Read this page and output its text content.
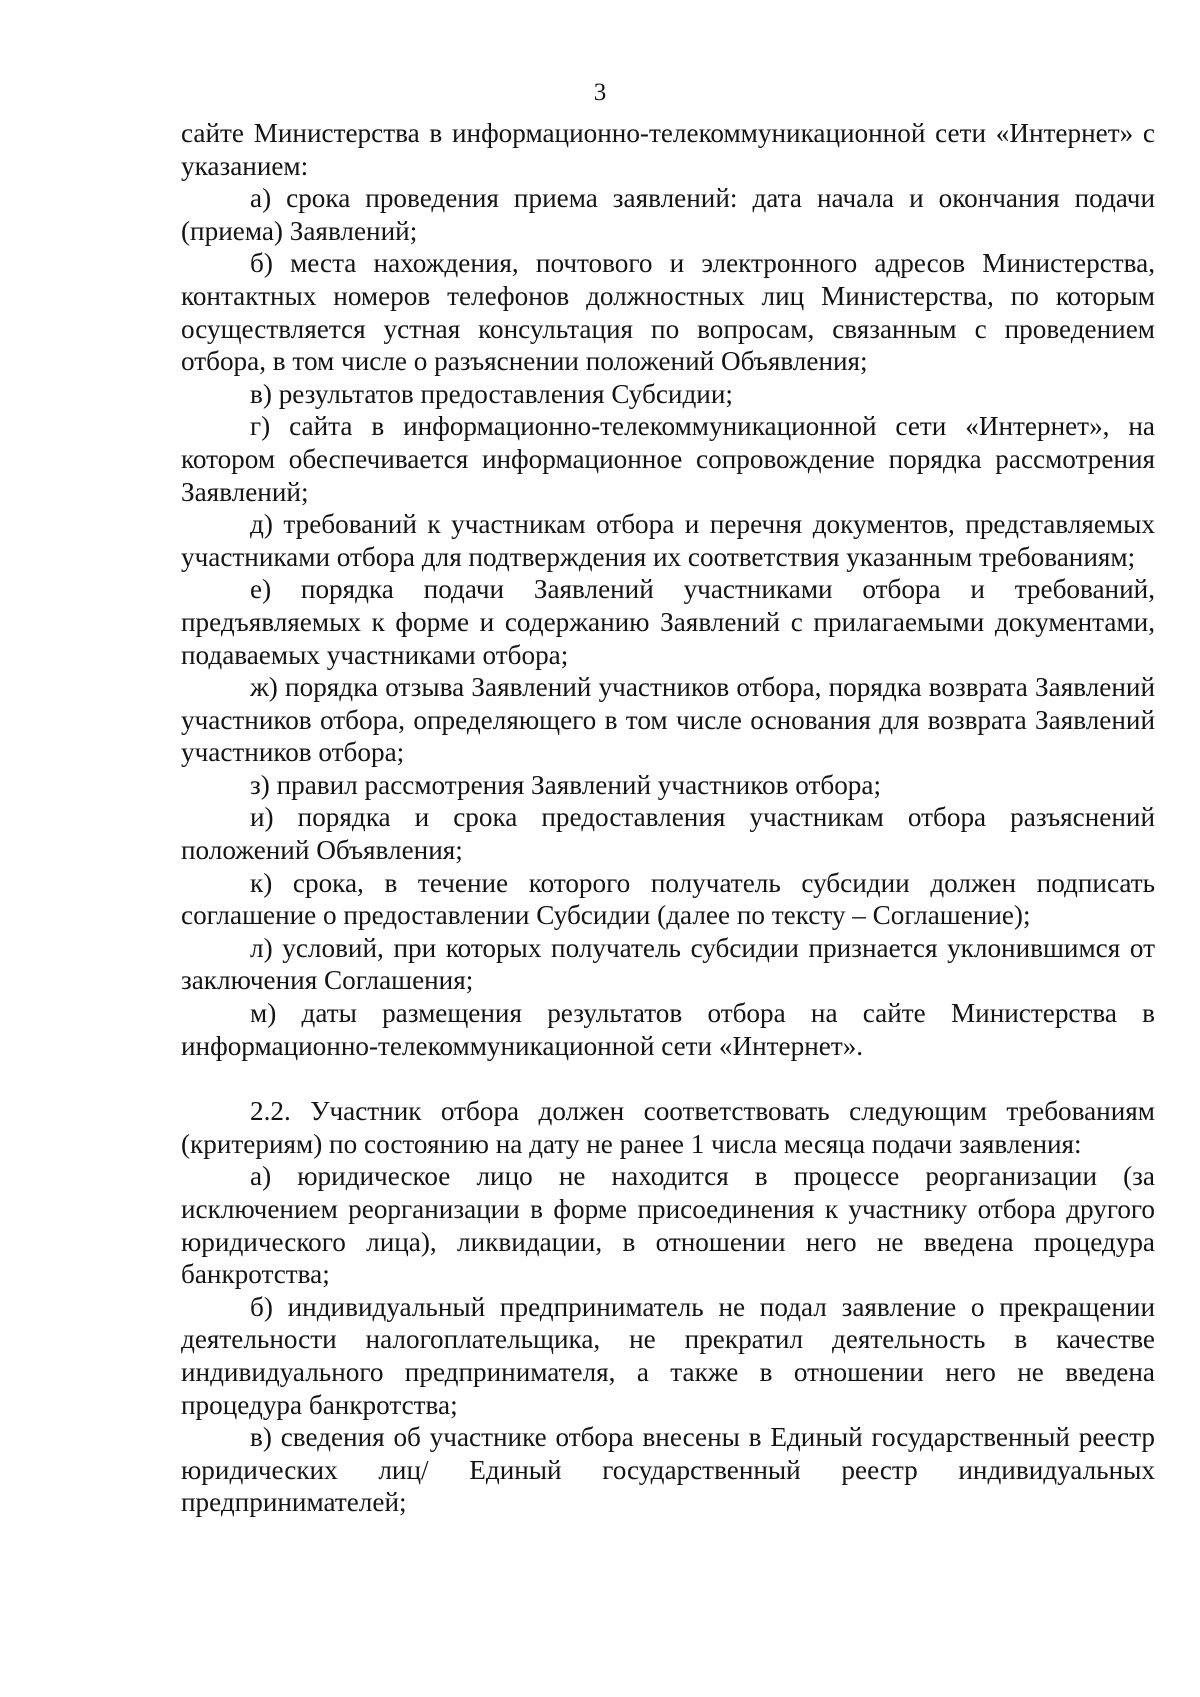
3

сайте Министерства в информационно-телекоммуникационной сети «Интернет» с указанием:

а) срока проведения приема заявлений: дата начала и окончания подачи (приема) Заявлений;

б) места нахождения, почтового и электронного адресов Министерства, контактных номеров телефонов должностных лиц Министерства, по которым осуществляется устная консультация по вопросам, связанным с проведением отбора, в том числе о разъяснении положений Объявления;

в) результатов предоставления Субсидии;

г) сайта в информационно-телекоммуникационной сети «Интернет», на котором обеспечивается информационное сопровождение порядка рассмотрения Заявлений;

д) требований к участникам отбора и перечня документов, представляемых участниками отбора для подтверждения их соответствия указанным требованиям;

е) порядка подачи Заявлений участниками отбора и требований, предъявляемых к форме и содержанию Заявлений с прилагаемыми документами, подаваемых участниками отбора;

ж) порядка отзыва Заявлений участников отбора, порядка возврата Заявлений участников отбора, определяющего в том числе основания для возврата Заявлений участников отбора;

з) правил рассмотрения Заявлений участников отбора;

и) порядка и срока предоставления участникам отбора разъяснений положений Объявления;

к) срока, в течение которого получатель субсидии должен подписать соглашение о предоставлении Субсидии (далее по тексту – Соглашение);

л) условий, при которых получатель субсидии признается уклонившимся от заключения Соглашения;

м) даты размещения результатов отбора на сайте Министерства в информационно-телекоммуникационной сети «Интернет».

2.2. Участник отбора должен соответствовать следующим требованиям (критериям) по состоянию на дату не ранее 1 числа месяца подачи заявления:

а) юридическое лицо не находится в процессе реорганизации (за исключением реорганизации в форме присоединения к участнику отбора другого юридического лица), ликвидации, в отношении него не введена процедура банкротства;

б) индивидуальный предприниматель не подал заявление о прекращении деятельности налогоплательщика, не прекратил деятельность в качестве индивидуального предпринимателя, а также в отношении него не введена процедура банкротства;

в) сведения об участнике отбора внесены в Единый государственный реестр юридических лиц/ Единый государственный реестр индивидуальных предпринимателей;
